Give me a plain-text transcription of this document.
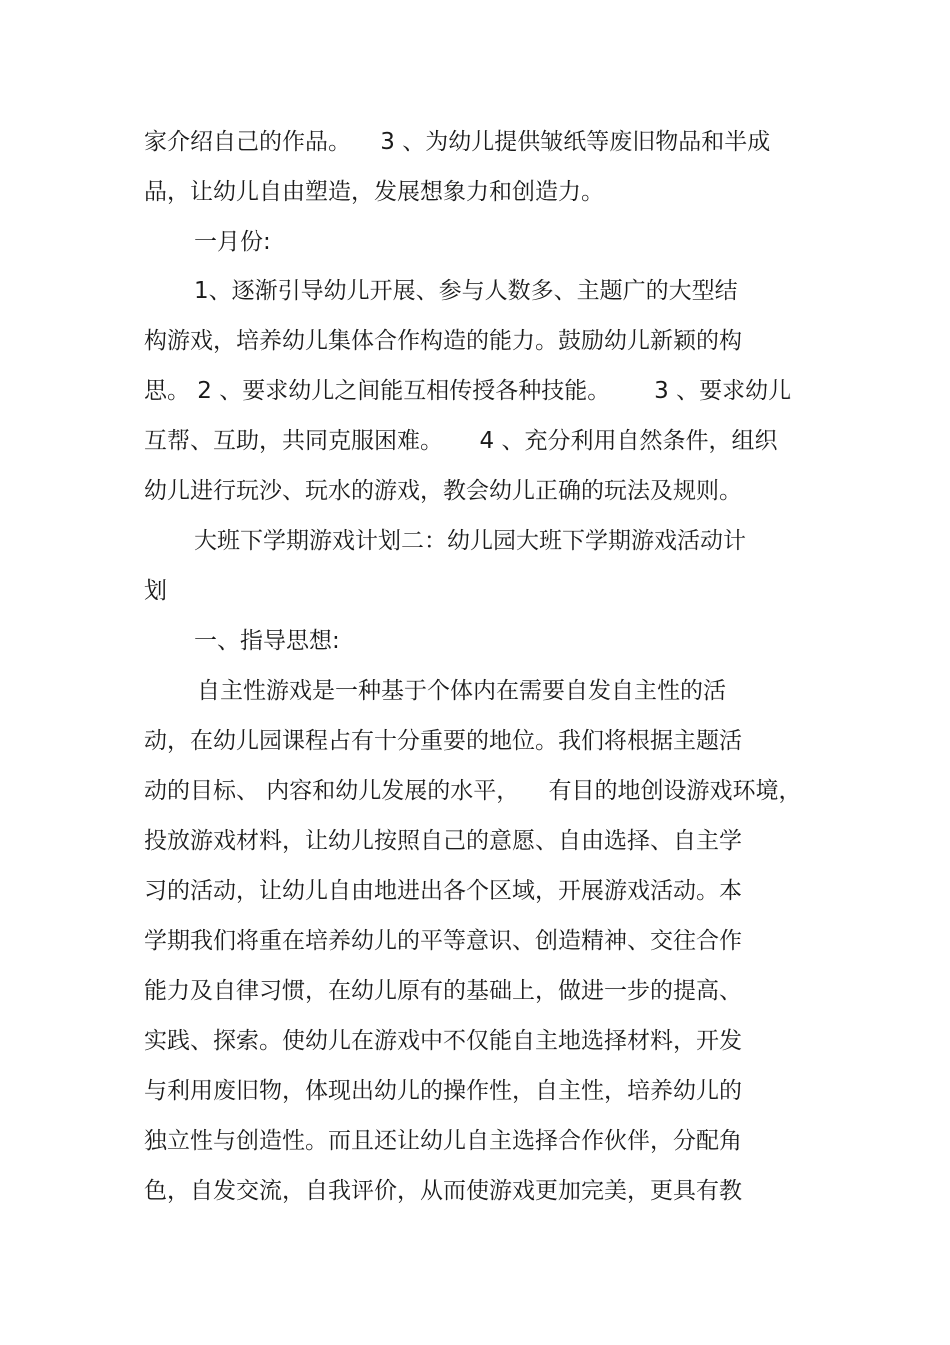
家介绍自己的作品。    3 、为幼儿提供皱纸等废旧物品和半成
品，让幼儿自由塑造，发展想象力和创造力。
一月份:
1、逐渐引导幼儿开展、参与人数多、主题广的大型结
构游戏，培养幼儿集体合作构造的能力。鼓励幼儿新颖的构
思。 2 、要求幼儿之间能互相传授各种技能。      3 、要求幼儿
互帮、互助，共同克服困难。     4 、充分利用自然条件，组织
幼儿进行玩沙、玩水的游戏，教会幼儿正确的玩法及规则。
大班下学期游戏计划二：幼儿园大班下学期游戏活动计
划
一、指导思想:
自主性游戏是一种基于个体内在需要自发自主性的活
动，在幼儿园课程占有十分重要的地位。我们将根据主题活
动的目标、 内容和幼儿发展的水平，    有目的地创设游戏环境，
投放游戏材料，让幼儿按照自己的意愿、自由选择、自主学
习的活动，让幼儿自由地进出各个区域，开展游戏活动。本
学期我们将重在培养幼儿的平等意识、创造精神、交往合作
能力及自律习惯，在幼儿原有的基础上，做进一步的提高、
实践、探索。使幼儿在游戏中不仅能自主地选择材料，开发
与利用废旧物，体现出幼儿的操作性，自主性，培养幼儿的
独立性与创造性。而且还让幼儿自主选择合作伙伴，分配角
色，自发交流，自我评价，从而使游戏更加完美，更具有教
